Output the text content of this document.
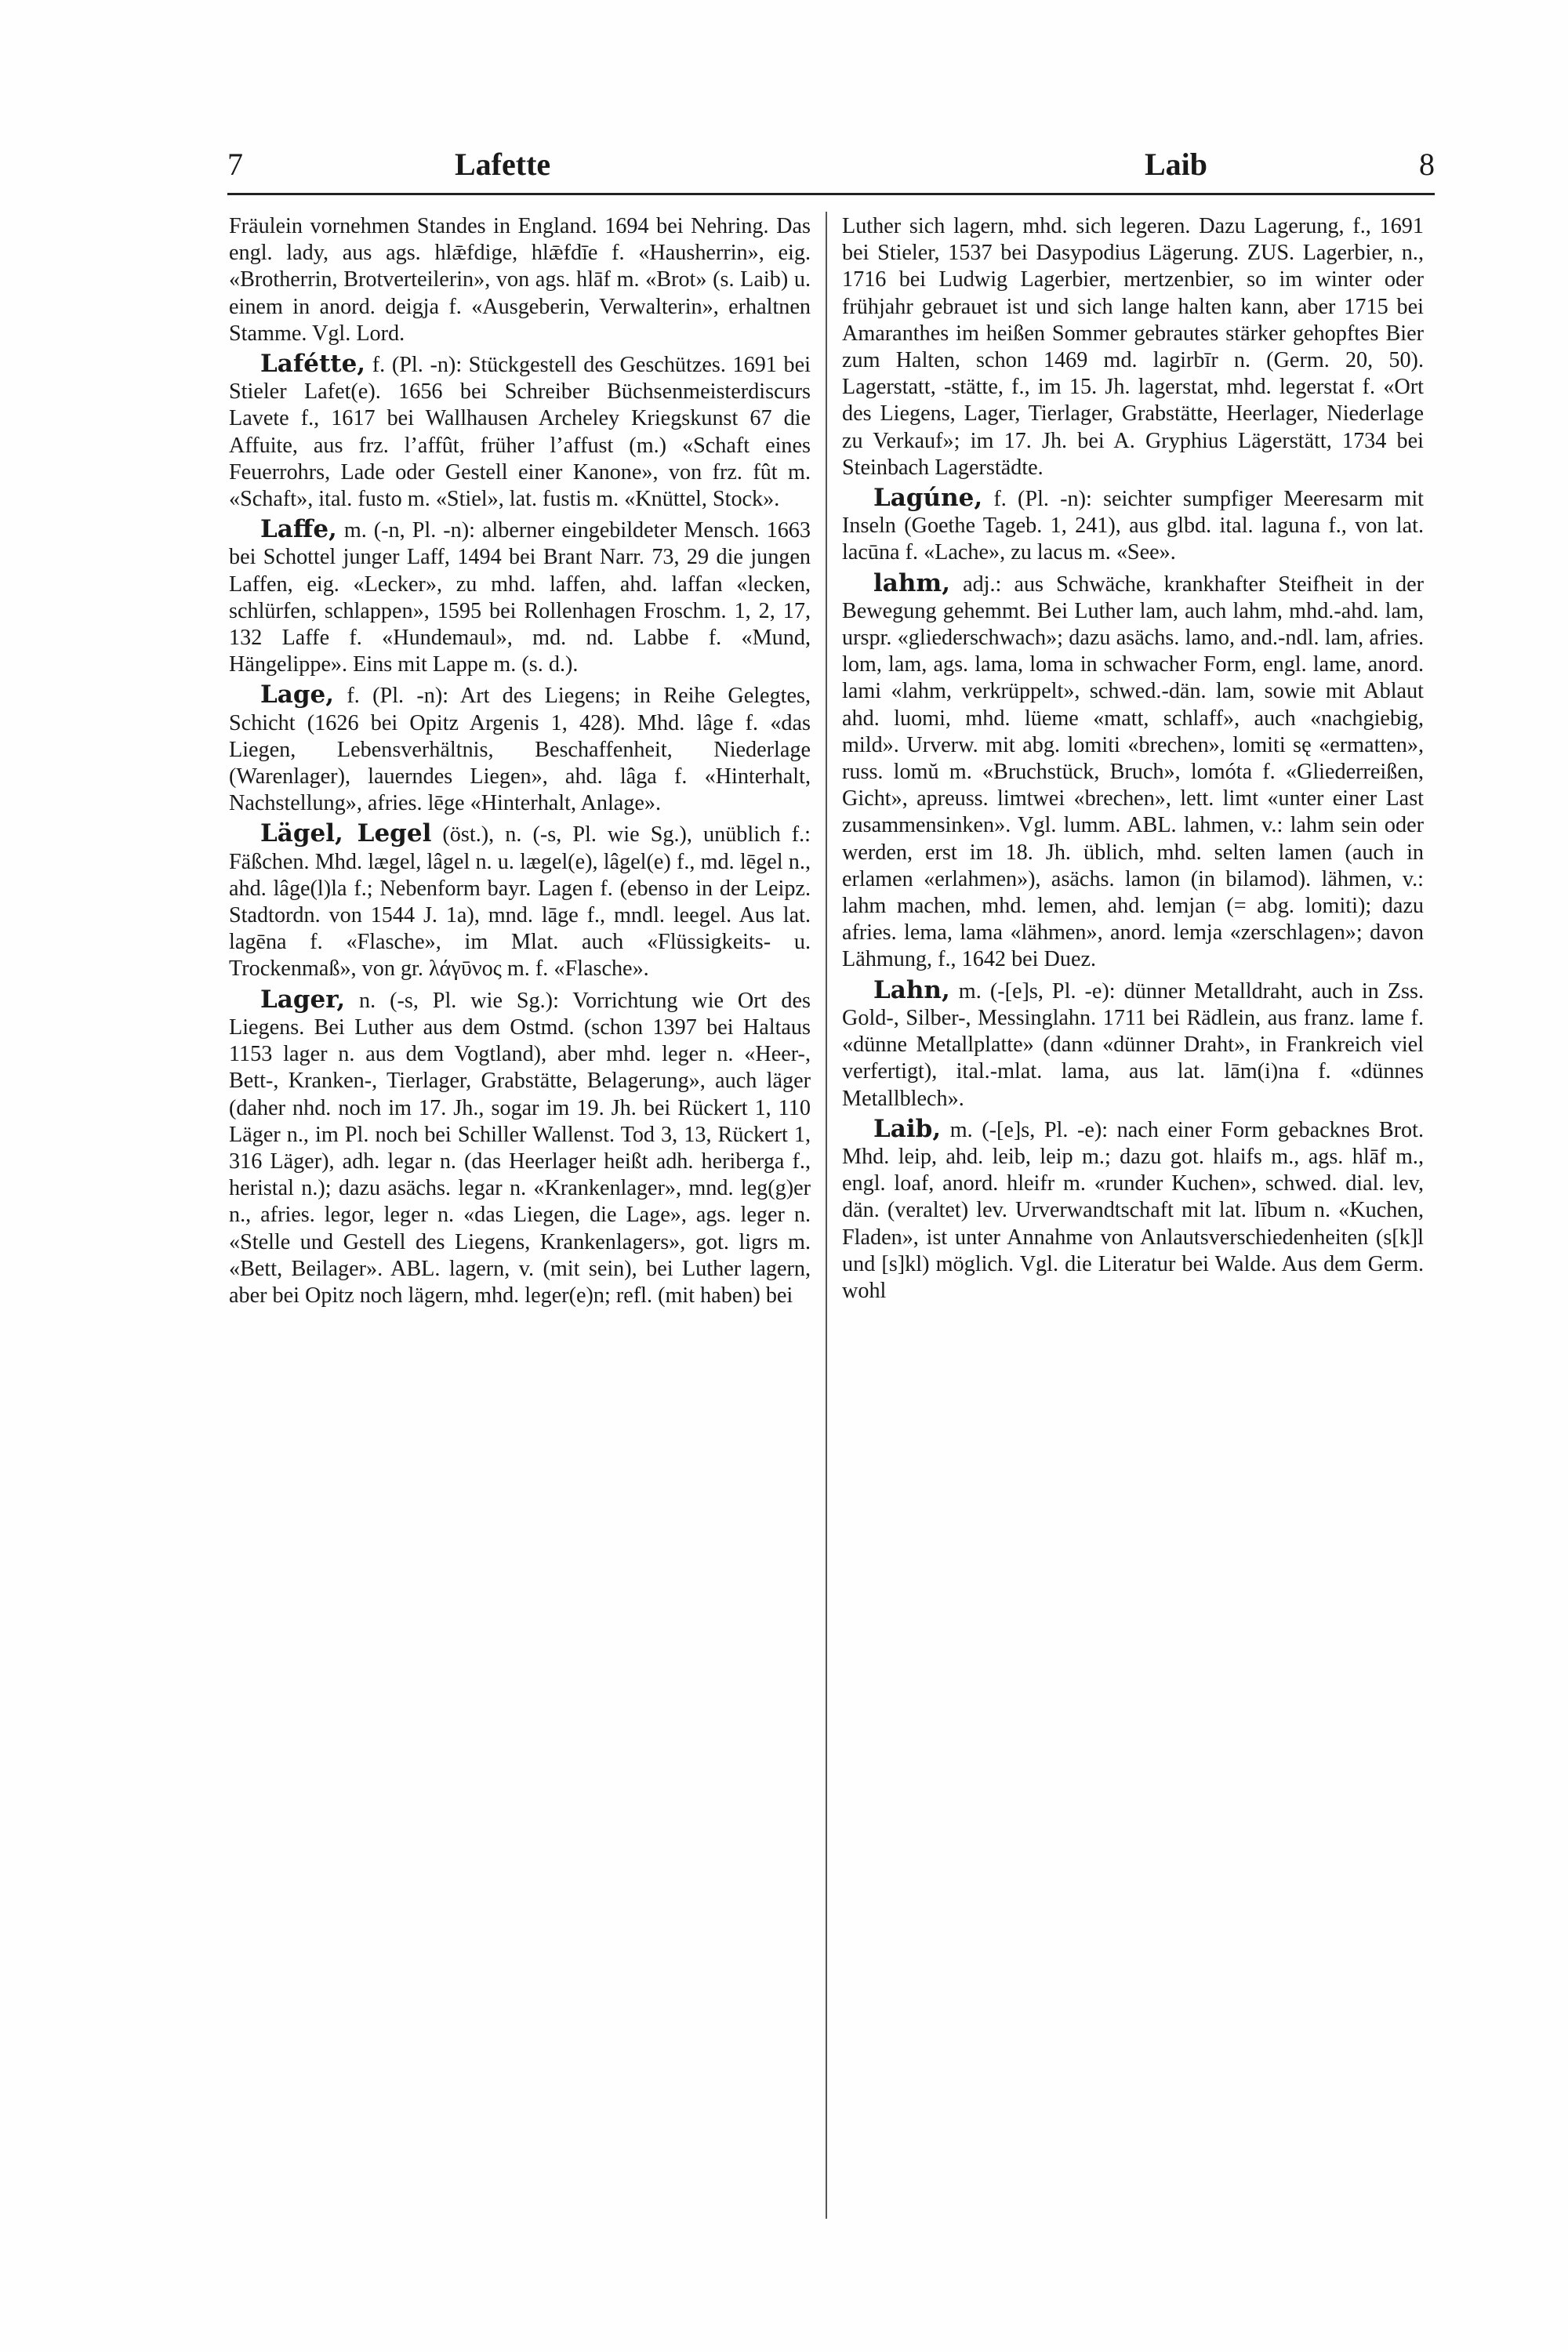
7	Lafette	Laib	8

Fräulein vornehmen Standes in England. 1694 bei Nehring. Das engl. lady, aus ags. hlǣfdige, hlǣfdīe f. «Hausherrin», eig. «Brotherrin, Brotverteilerin», von ags. hlāf m. «Brot» (s. Laib) u. einem in anord. deigja f. «Ausgeberin, Verwalterin», erhaltnen Stamme. Vgl. Lord.

Lafétte, f. (Pl. -n): Stückgestell des Geschützes. 1691 bei Stieler Lafet(e). 1656 bei Schreiber Büchsenmeisterdiscurs Lavete f., 1617 bei Wallhausen Archeley Kriegskunst 67 die Affuite, aus frz. l’affût, früher l’affust (m.) «Schaft eines Feuerrohrs, Lade oder Gestell einer Kanone», von frz. fût m. «Schaft», ital. fusto m. «Stiel», lat. fustis m. «Knüttel, Stock».

Laffe, m. (-n, Pl. -n): alberner eingebildeter Mensch. 1663 bei Schottel junger Laff, 1494 bei Brant Narr. 73, 29 die jungen Laffen, eig. «Lecker», zu mhd. laffen, ahd. laffan «lecken, schlürfen, schlappen», 1595 bei Rollenhagen Froschm. 1, 2, 17, 132 Laffe f. «Hundemaul», md. nd. Labbe f. «Mund, Hängelippe». Eins mit Lappe m. (s. d.).

Lage, f. (Pl. -n): Art des Liegens; in Reihe Gelegtes, Schicht (1626 bei Opitz Argenis 1, 428). Mhd. lâge f. «das Liegen, Lebensverhältnis, Beschaffenheit, Niederlage (Warenlager), lauerndes Liegen», ahd. lâga f. «Hinterhalt, Nachstellung», afries. lēge «Hinterhalt, Anlage».

Lägel, Legel (öst.), n. (-s, Pl. wie Sg.), unüblich f.: Fäßchen. Mhd. lægel, lâgel n. u. lægel(e), lâgel(e) f., md. lēgel n., ahd. lâge(l)la f.; Nebenform bayr. Lagen f. (ebenso in der Leipz. Stadtordn. von 1544 J. 1a), mnd. lāge f., mndl. leegel. Aus lat. lagēna f. «Flasche», im Mlat. auch «Flüssigkeits- u. Trockenmaß», von gr. λάγῡνος m. f. «Flasche».

Lager, n. (-s, Pl. wie Sg.): Vorrichtung wie Ort des Liegens. Bei Luther aus dem Ostmd. (schon 1397 bei Haltaus 1153 lager n. aus dem Vogtland), aber mhd. leger n. «Heer-, Bett-, Kranken-, Tierlager, Grabstätte, Belagerung», auch läger (daher nhd. noch im 17. Jh., sogar im 19. Jh. bei Rückert 1, 110 Läger n., im Pl. noch bei Schiller Wallenst. Tod 3, 13, Rückert 1, 316 Läger), adh. legar n. (das Heerlager heißt adh. heriberga f., heristal n.); dazu asächs. legar n. «Krankenlager», mnd. leg(g)er n., afries. legor, leger n. «das Liegen, die Lage», ags. leger n. «Stelle und Gestell des Liegens, Krankenlagers», got. ligrs m. «Bett, Beilager». ABL. lagern, v. (mit sein), bei Luther lagern, aber bei Opitz noch lägern, mhd. leger(e)n; refl. (mit haben) bei

Luther sich lagern, mhd. sich legeren. Dazu Lagerung, f., 1691 bei Stieler, 1537 bei Dasypodius Lägerung. ZUS. Lagerbier, n., 1716 bei Ludwig Lagerbier, mertzenbier, so im winter oder frühjahr gebrauet ist und sich lange halten kann, aber 1715 bei Amaranthes im heißen Sommer gebrautes stärker gehopftes Bier zum Halten, schon 1469 md. lagirbīr n. (Germ. 20, 50). Lagerstatt, -stätte, f., im 15. Jh. lagerstat, mhd. legerstat f. «Ort des Liegens, Lager, Tierlager, Grabstätte, Heerlager, Niederlage zu Verkauf»; im 17. Jh. bei A. Gryphius Lägerstätt, 1734 bei Steinbach Lagerstädte.

Lagúne, f. (Pl. -n): seichter sumpfiger Meeresarm mit Inseln (Goethe Tageb. 1, 241), aus glbd. ital. laguna f., von lat. lacūna f. «Lache», zu lacus m. «See».

lahm, adj.: aus Schwäche, krankhafter Steifheit in der Bewegung gehemmt. Bei Luther lam, auch lahm, mhd.-ahd. lam, urspr. «gliederschwach»; dazu asächs. lamo, and.-ndl. lam, afries. lom, lam, ags. lama, loma in schwacher Form, engl. lame, anord. lami «lahm, verkrüppelt», schwed.-dän. lam, sowie mit Ablaut ahd. luomi, mhd. lüeme «matt, schlaff», auch «nachgiebig, mild». Urverw. mit abg. lomiti «brechen», lomiti sę «ermatten», russ. lomŭ m. «Bruchstück, Bruch», lomóta f. «Gliederreißen, Gicht», apreuss. limtwei «brechen», lett. limt «unter einer Last zusammensinken». Vgl. lumm. ABL. lahmen, v.: lahm sein oder werden, erst im 18. Jh. üblich, mhd. selten lamen (auch in erlamen «erlahmen»), asächs. lamon (in bilamod). lähmen, v.: lahm machen, mhd. lemen, ahd. lemjan (= abg. lomiti); dazu afries. lema, lama «lähmen», anord. lemja «zerschlagen»; davon Lähmung, f., 1642 bei Duez.

Lahn, m. (-[e]s, Pl. -e): dünner Metalldraht, auch in Zss. Gold-, Silber-, Messinglahn. 1711 bei Rädlein, aus franz. lame f. «dünne Metallplatte» (dann «dünner Draht», in Frankreich viel verfertigt), ital.-mlat. lama, aus lat. lām(i)na f. «dünnes Metallblech».

Laib, m. (-[e]s, Pl. -e): nach einer Form gebacknes Brot. Mhd. leip, ahd. leib, leip m.; dazu got. hlaifs m., ags. hlāf m., engl. loaf, anord. hleifr m. «runder Kuchen», schwed. dial. lev, dän. (veraltet) lev. Urverwandtschaft mit lat. lībum n. «Kuchen, Fladen», ist unter Annahme von Anlautsverschiedenheiten (s[k]l und [s]kl) möglich. Vgl. die Literatur bei Walde. Aus dem Germ. wohl
